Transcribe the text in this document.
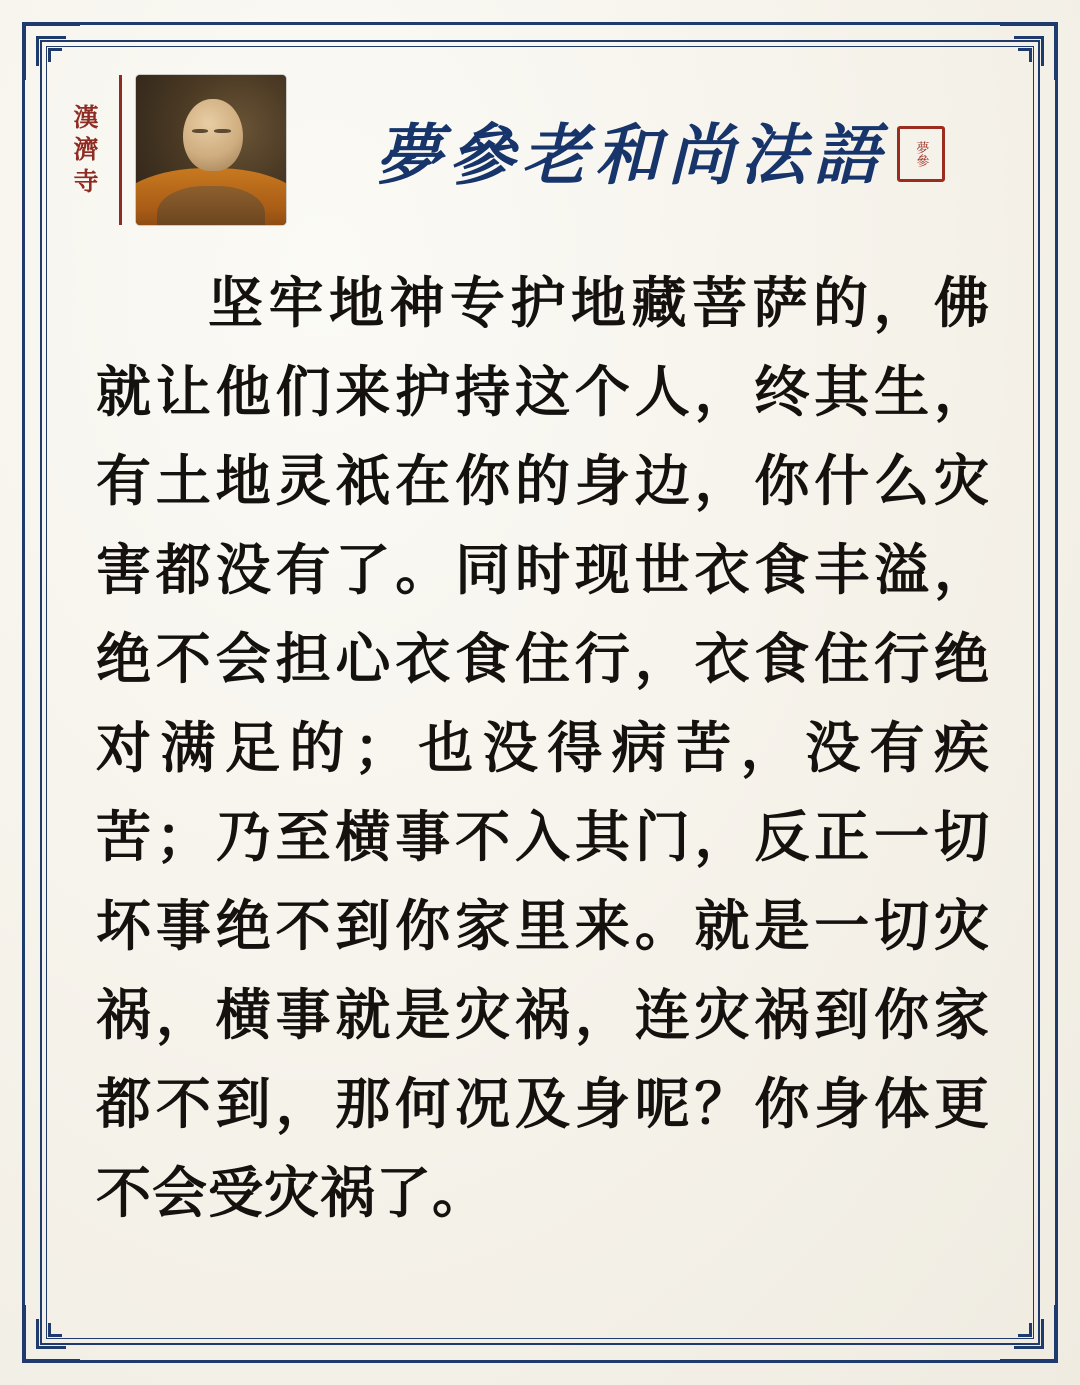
漢
濟
寺	夢參老和尚法語	夢參
坚牢地神专护地藏菩萨的，佛就让他们来护持这个人，终其生，有土地灵祇在你的身边，你什么灾害都没有了。同时现世衣食丰溢，绝不会担心衣食住行，衣食住行绝对满足的；也没得病苦，没有疾苦；乃至横事不入其门，反正一切坏事绝不到你家里来。就是一切灾祸，横事就是灾祸，连灾祸到你家都不到，那何况及身呢？你身体更不会受灾祸了。
